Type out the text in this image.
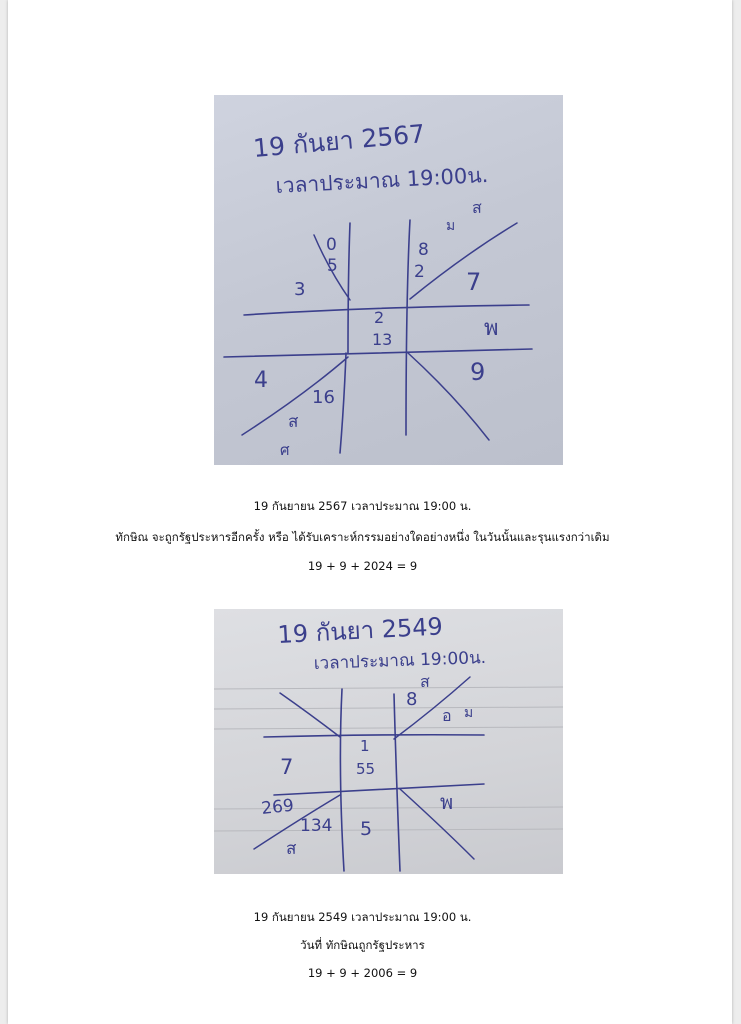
19 กันยา 2567
เวลาประมาณ 19:00น.
0
5
3
8
2
ส
ม
7
2
13	พ
9
4
16
ส
ศ
19 กันยายน 2567 เวลาประมาณ 19:00 น.
ทักษิณ จะถูกรัฐประหารอีกครั้ง หรือ ได้รับเคราะห์กรรมอย่างใดอย่างหนึ่ง ในวันนั้นและรุนแรงกว่าเดิม
19 + 9 + 2024 = 9
19 กันยา 2549
เวลาประมาณ 19:00น.
8
ส
อ ม
1
55
7
พ
269
134
ส
5
19 กันยายน 2549 เวลาประมาณ 19:00 น.
วันที่ ทักษิณถูกรัฐประหาร
19 + 9 + 2006 = 9
